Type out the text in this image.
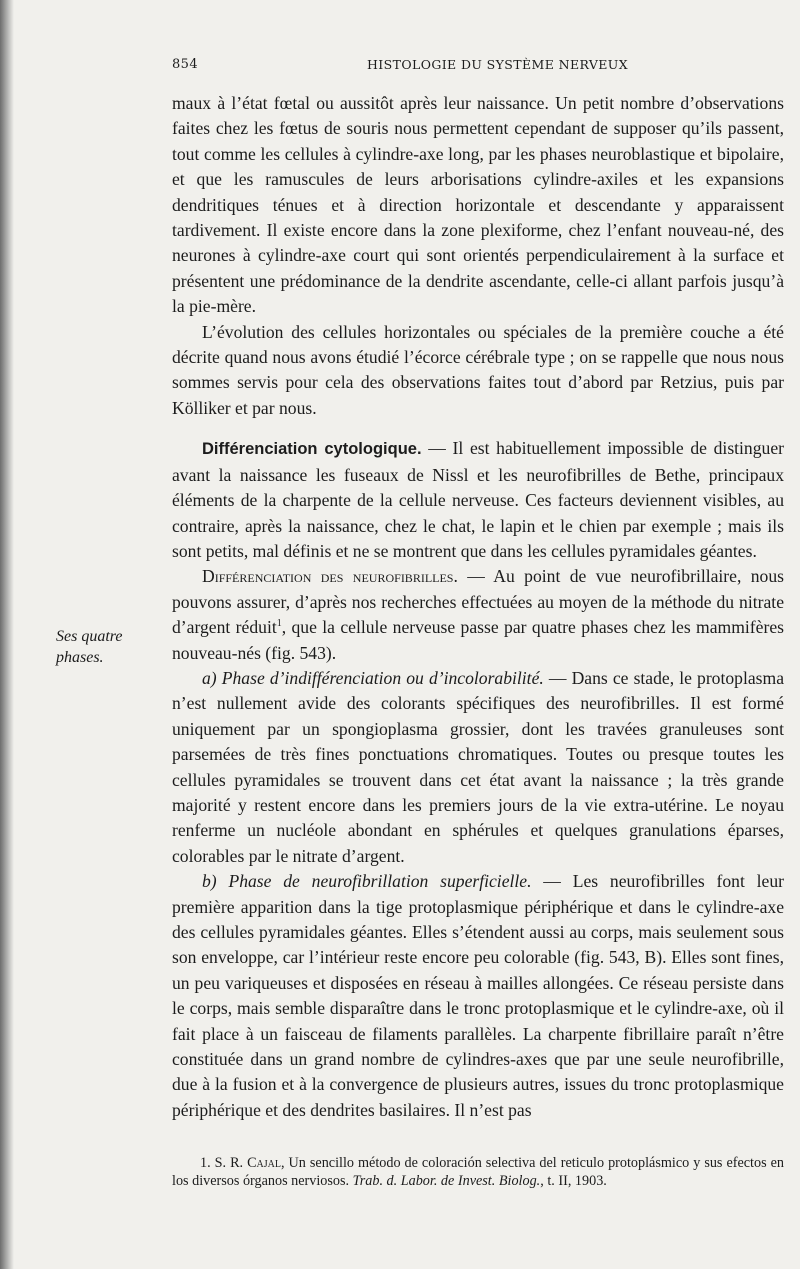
854	HISTOLOGIE DU SYSTÈME NERVEUX
Ses quatre
phases.

maux à l’état fœtal ou aussitôt après leur naissance. Un petit nombre d’observations faites chez les fœtus de souris nous permettent cependant de supposer qu’ils passent, tout comme les cellules à cylindre-axe long, par les phases neuroblastique et bipolaire, et que les ramuscules de leurs arborisations cylindre-axiles et les expansions dendritiques ténues et à direction horizontale et descendante y apparaissent tardivement. Il existe encore dans la zone plexiforme, chez l’enfant nouveau-né, des neurones à cylindre-axe court qui sont orientés perpendiculairement à la surface et présentent une prédominance de la dendrite ascendante, celle-ci allant parfois jusqu’à la pie-mère.

L’évolution des cellules horizontales ou spéciales de la première couche a été décrite quand nous avons étudié l’écorce cérébrale type ; on se rappelle que nous nous sommes servis pour cela des observations faites tout d’abord par Retzius, puis par Kölliker et par nous.

Différenciation cytologique. — Il est habituellement impossible de distinguer avant la naissance les fuseaux de Nissl et les neurofibrilles de Bethe, principaux éléments de la charpente de la cellule nerveuse. Ces facteurs deviennent visibles, au contraire, après la naissance, chez le chat, le lapin et le chien par exemple ; mais ils sont petits, mal définis et ne se montrent que dans les cellules pyramidales géantes.

Différenciation des neurofibrilles. — Au point de vue neurofibrillaire, nous pouvons assurer, d’après nos recherches effectuées au moyen de la méthode du nitrate d’argent réduit$^1$, que la cellule nerveuse passe par quatre phases chez les mammifères nouveau-nés (fig. 543).

a) Phase d’indifférenciation ou d’incolorabilité. — Dans ce stade, le protoplasma n’est nullement avide des colorants spécifiques des neurofibrilles. Il est formé uniquement par un spongioplasma grossier, dont les travées granuleuses sont parsemées de très fines ponctuations chromatiques. Toutes ou presque toutes les cellules pyramidales se trouvent dans cet état avant la naissance ; la très grande majorité y restent encore dans les premiers jours de la vie extra-utérine. Le noyau renferme un nucléole abondant en sphérules et quelques granulations éparses, colorables par le nitrate d’argent.

b) Phase de neurofibrillation superficielle. — Les neurofibrilles font leur première apparition dans la tige protoplasmique périphérique et dans le cylindre-axe des cellules pyramidales géantes. Elles s’étendent aussi au corps, mais seulement sous son enveloppe, car l’intérieur reste encore peu colorable (fig. 543, B). Elles sont fines, un peu variqueuses et disposées en réseau à mailles allongées. Ce réseau persiste dans le corps, mais semble disparaître dans le tronc protoplasmique et le cylindre-axe, où il fait place à un faisceau de filaments parallèles. La charpente fibrillaire paraît n’être constituée dans un grand nombre de cylindres-axes que par une seule neurofibrille, due à la fusion et à la convergence de plusieurs autres, issues du tronc protoplasmique périphérique et des dendrites basilaires. Il n’est pas

1. S. R. Cajal, Un sencillo método de coloración selectiva del reticulo protoplásmico y sus efectos en los diversos órganos nerviosos. Trab. d. Labor. de Invest. Biolog., t. II, 1903.
